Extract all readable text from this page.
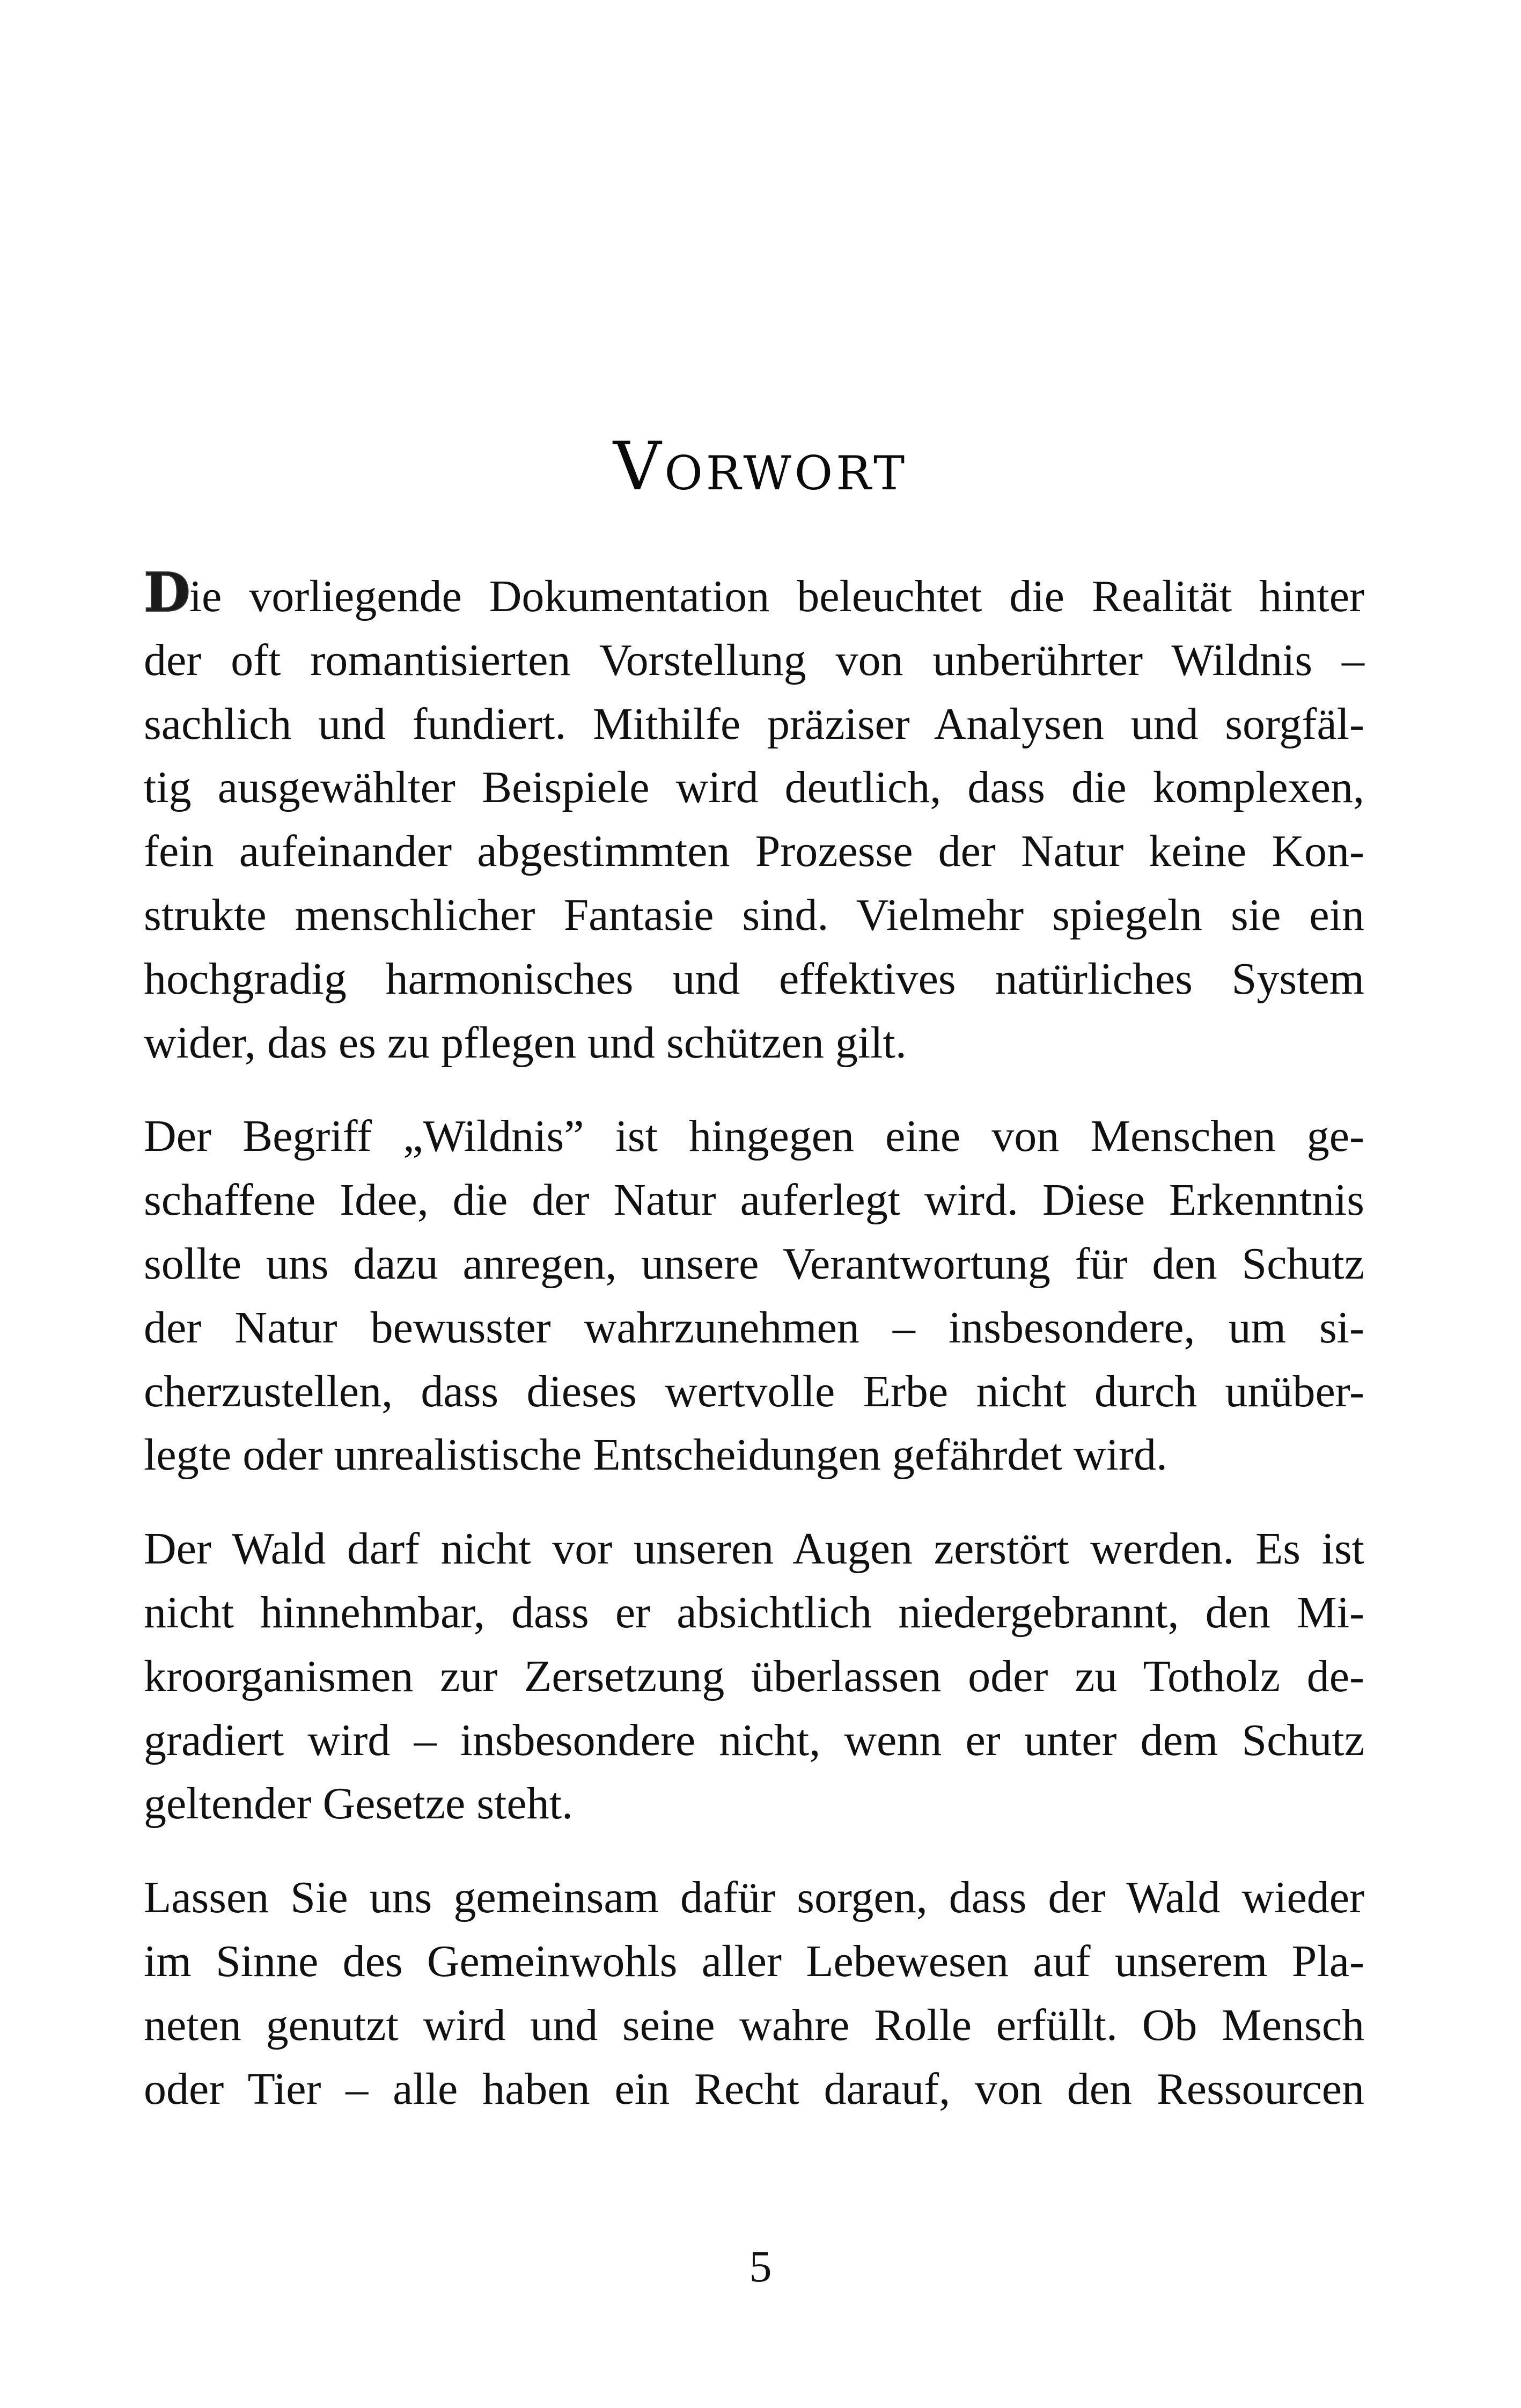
Vorwort

Die vorliegende Dokumentation beleuchtet die Realität hinter
der oft romantisierten Vorstellung von unberührter Wildnis –
sachlich und fundiert. Mithilfe präziser Analysen und sorgfäl-
tig ausgewählter Beispiele wird deutlich, dass die komplexen,
fein aufeinander abgestimmten Prozesse der Natur keine Kon-
strukte menschlicher Fantasie sind. Vielmehr spiegeln sie ein
hochgradig harmonisches und effektives natürliches System
wider, das es zu pflegen und schützen gilt.

Der Begriff „Wildnis” ist hingegen eine von Menschen ge-
schaffene Idee, die der Natur auferlegt wird. Diese Erkenntnis
sollte uns dazu anregen, unsere Verantwortung für den Schutz
der Natur bewusster wahrzunehmen – insbesondere, um si-
cherzustellen, dass dieses wertvolle Erbe nicht durch unüber-
legte oder unrealistische Entscheidungen gefährdet wird.

Der Wald darf nicht vor unseren Augen zerstört werden. Es ist
nicht hinnehmbar, dass er absichtlich niedergebrannt, den Mi-
kroorganismen zur Zersetzung überlassen oder zu Totholz de-
gradiert wird – insbesondere nicht, wenn er unter dem Schutz
geltender Gesetze steht.

Lassen Sie uns gemeinsam dafür sorgen, dass der Wald wieder
im Sinne des Gemeinwohls aller Lebewesen auf unserem Pla-
neten genutzt wird und seine wahre Rolle erfüllt. Ob Mensch
oder Tier – alle haben ein Recht darauf, von den Ressourcen

5
